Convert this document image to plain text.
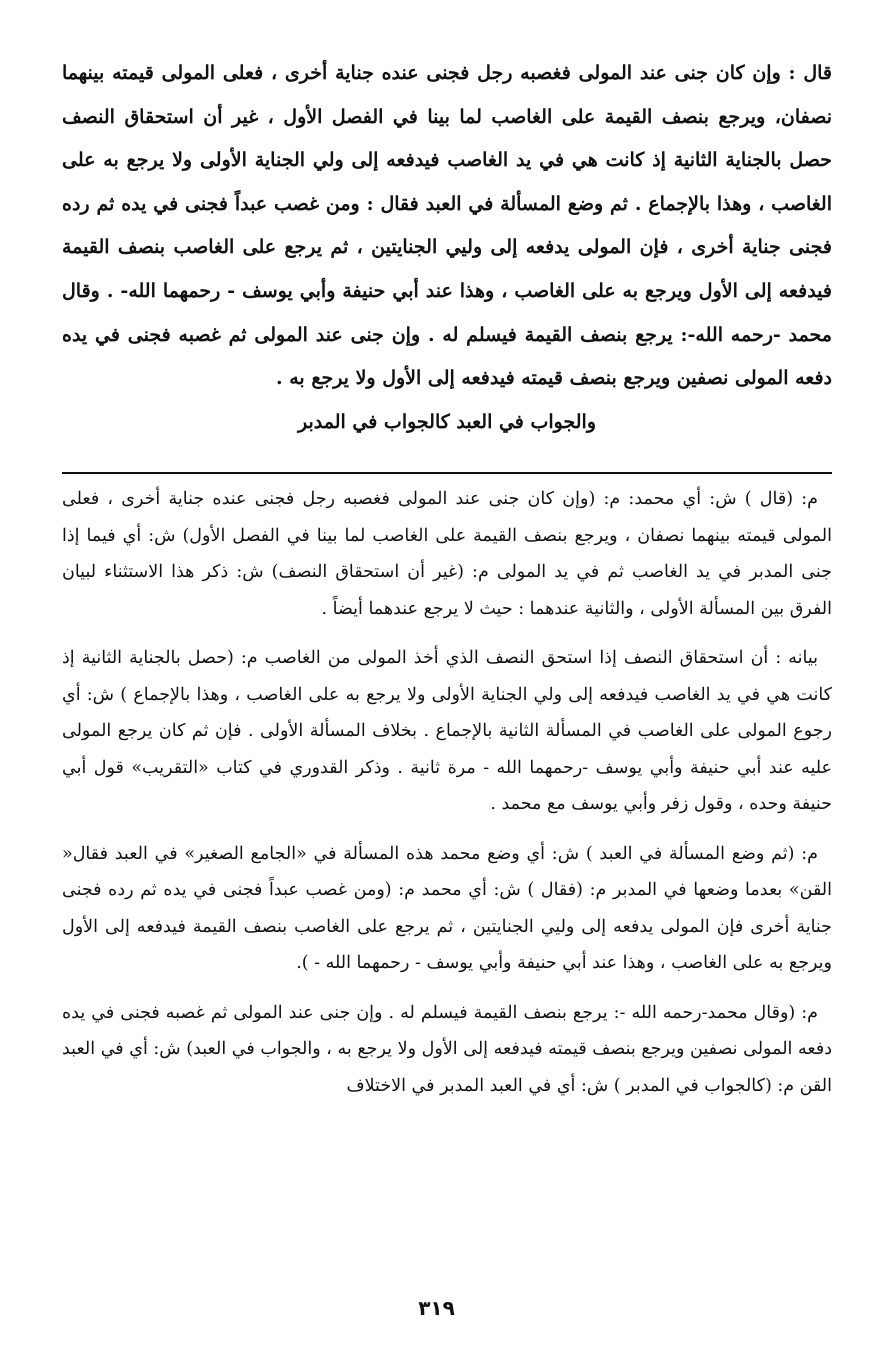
قال : وإن كان جنى عند المولى فغصبه رجل فجنى عنده جناية أخرى ، فعلى المولى قيمته بينهما نصفان، ويرجع بنصف القيمة على الغاصب لما بينا في الفصل الأول ، غير أن استحقاق النصف حصل بالجناية الثانية إذ كانت هي في يد الغاصب فيدفعه إلى ولي الجناية الأولى ولا يرجع به على الغاصب ، وهذا بالإجماع . ثم وضع المسألة في العبد فقال : ومن غصب عبداً فجنى في يده ثم رده فجنى جناية أخرى ، فإن المولى يدفعه إلى وليي الجنايتين ، ثم يرجع على الغاصب بنصف القيمة فيدفعه إلى الأول ويرجع به على الغاصب ، وهذا عند أبي حنيفة وأبي يوسف - رحمهما الله- . وقال محمد -رحمه الله-: يرجع بنصف القيمة فيسلم له . وإن جنى عند المولى ثم غصبه فجنى في يده دفعه المولى نصفين ويرجع بنصف قيمته فيدفعه إلى الأول ولا يرجع به .

والجواب في العبد كالجواب في المدبر

م: (قال ) ش: أي محمد: م: (وإن كان جنى عند المولى فغصبه رجل فجنى عنده جناية أخرى ، فعلى المولى قيمته بينهما نصفان ، ويرجع بنصف القيمة على الغاصب لما بينا في الفصل الأول) ش: أي فيما إذا جنى المدبر في يد الغاصب ثم في يد المولى م: (غير أن استحقاق النصف) ش: ذكر هذا الاستثناء لبيان الفرق بين المسألة الأولى ، والثانية عندهما : حيث لا يرجع عندهما أيضاً .

بيانه : أن استحقاق النصف إذا استحق النصف الذي أخذ المولى من الغاصب م: (حصل بالجناية الثانية إذ كانت هي في يد الغاصب فيدفعه إلى ولي الجناية الأولى ولا يرجع به على الغاصب ، وهذا بالإجماع ) ش: أي رجوع المولى على الغاصب في المسألة الثانية بالإجماع . بخلاف المسألة الأولى . فإن ثم كان يرجع المولى عليه عند أبي حنيفة وأبي يوسف -رحمهما الله - مرة ثانية . وذكر القدوري في كتاب «التقريب» قول أبي حنيفة وحده ، وقول زفر وأبي يوسف مع محمد .

م: (ثم وضع المسألة في العبد ) ش: أي وضع محمد هذه المسألة في «الجامع الصغير» في العبد فقال« القن» بعدما وضعها في المدبر م: (فقال ) ش: أي محمد م: (ومن غصب عبداً فجنى في يده ثم رده فجنى جناية أخرى فإن المولى يدفعه إلى وليي الجنايتين ، ثم يرجع على الغاصب بنصف القيمة فيدفعه إلى الأول ويرجع به على الغاصب ، وهذا عند أبي حنيفة وأبي يوسف - رحمهما الله - ).

م: (وقال محمد-رحمه الله -: يرجع بنصف القيمة فيسلم له . وإن جنى عند المولى ثم غصبه فجنى في يده دفعه المولى نصفين ويرجع بنصف قيمته فيدفعه إلى الأول ولا يرجع به ، والجواب في العبد) ش: أي في العبد القن م: (كالجواب في المدبر ) ش: أي في العبد المدبر في الاختلاف

٣١٩
